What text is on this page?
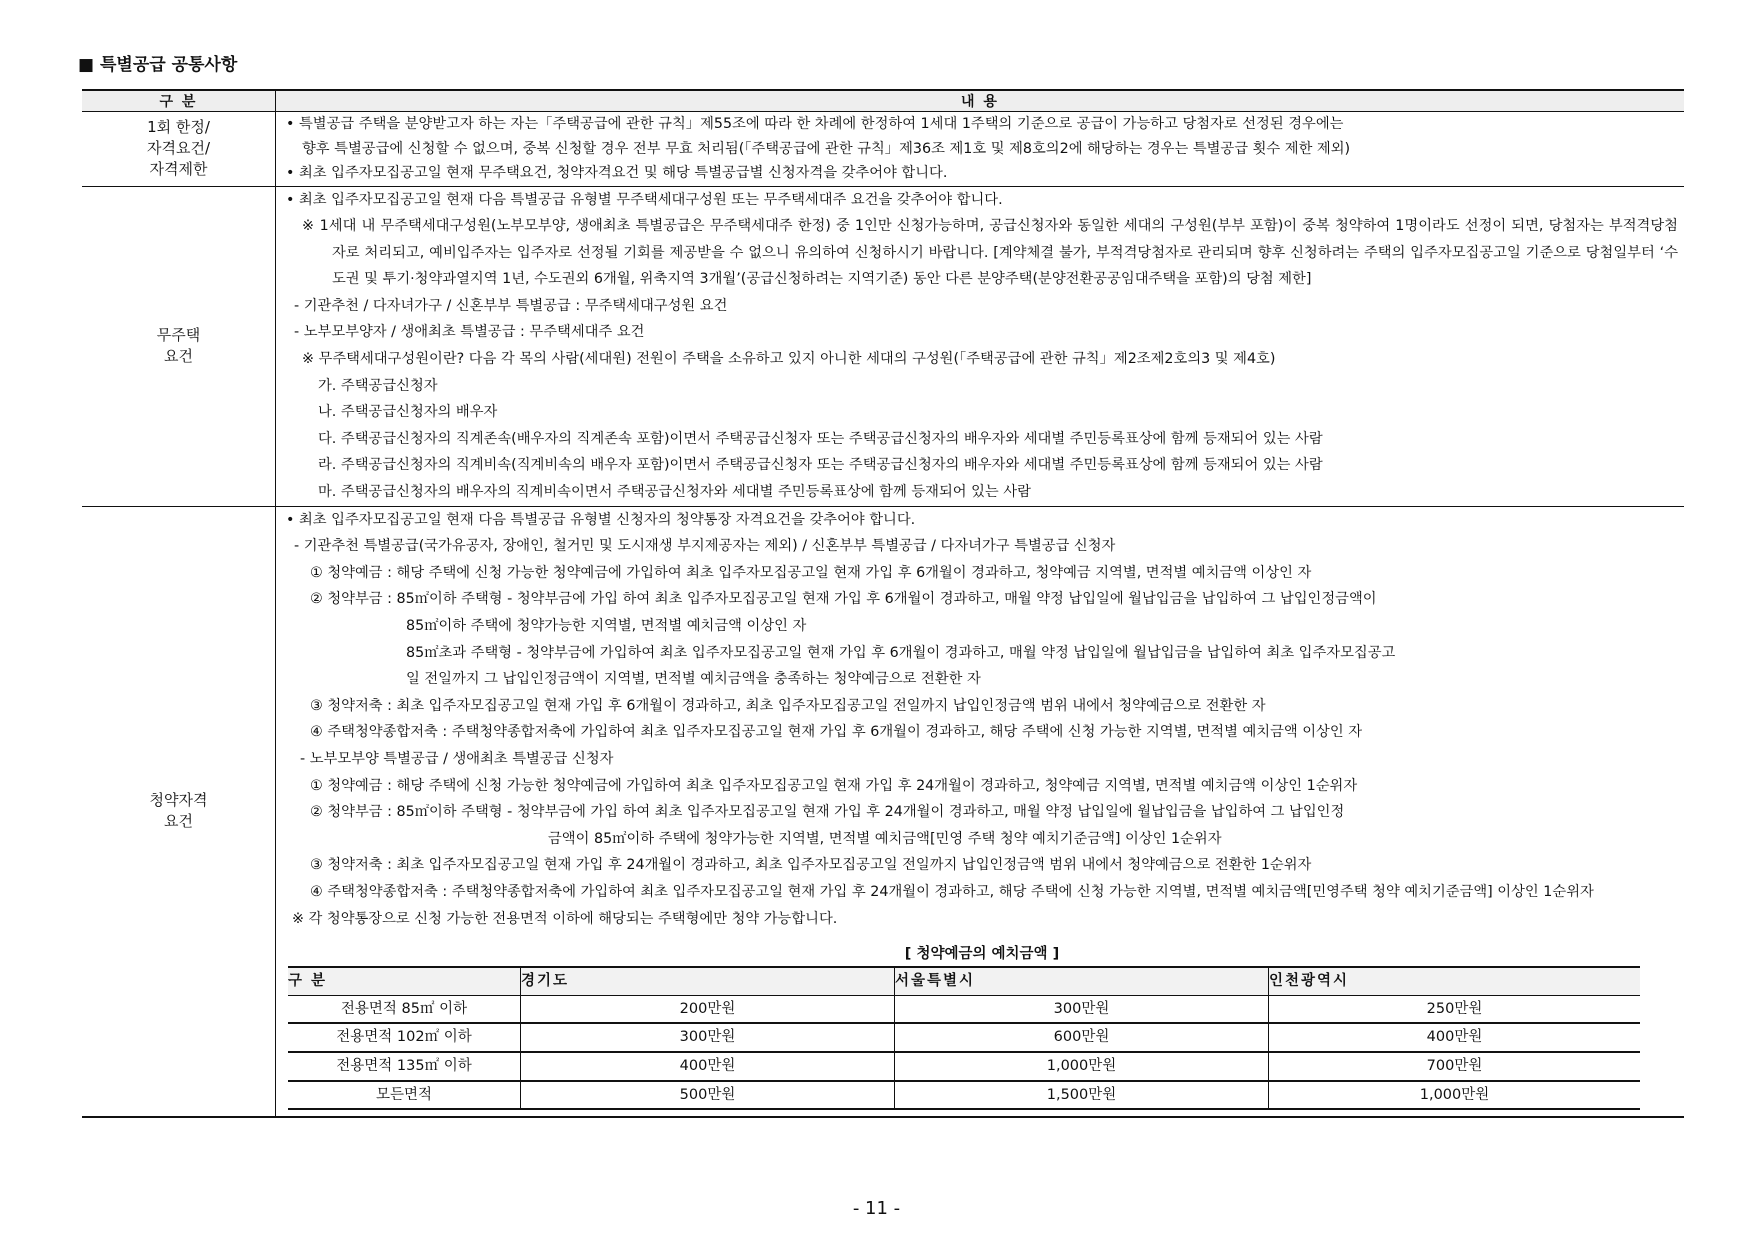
■ 특별공급 공통사항
구 분	내 용
1회 한정/
자격요건/
자격제한	
• 특별공급 주택을 분양받고자 하는 자는「주택공급에 관한 규칙」제55조에 따라 한 차례에 한정하여 1세대 1주택의 기준으로 공급이 가능하고 당첨자로 선정된 경우에는
향후 특별공급에 신청할 수 없으며, 중복 신청할 경우 전부 무효 처리됨(「주택공급에 관한 규칙」제36조 제1호 및 제8호의2에 해당하는 경우는 특별공급 횟수 제한 제외)
• 최초 입주자모집공고일 현재 무주택요건, 청약자격요건 및 해당 특별공급별 신청자격을 갖추어야 합니다.

무주택
요건	
• 최초 입주자모집공고일 현재 다음 특별공급 유형별 무주택세대구성원 또는 무주택세대주 요건을 갖추어야 합니다.
※ 1세대 내 무주택세대구성원(노부모부양, 생애최초 특별공급은 무주택세대주 한정) 중 1인만 신청가능하며, 공급신청자와 동일한 세대의 구성원(부부 포함)이 중복 청약하여 1명이라도 선정이 되면, 당첨자는 부적격당첨자로 처리되고, 예비입주자는 입주자로 선정될 기회를 제공받을 수 없으니 유의하여 신청하시기 바랍니다. [계약체결 불가, 부적격당첨자로 관리되며 향후 신청하려는 주택의 입주자모집공고일 기준으로 당첨일부터 ‘수도권 및 투기·청약과열지역 1년, 수도권외 6개월, 위축지역 3개월’(공급신청하려는 지역기준) 동안 다른 분양주택(분양전환공공임대주택을 포함)의 당첨 제한]
- 기관추천 / 다자녀가구 / 신혼부부 특별공급 : 무주택세대구성원 요건
- 노부모부양자 / 생애최초 특별공급 : 무주택세대주 요건
※ 무주택세대구성원이란? 다음 각 목의 사람(세대원) 전원이 주택을 소유하고 있지 아니한 세대의 구성원(「주택공급에 관한 규칙」제2조제2호의3 및 제4호)
가. 주택공급신청자
나. 주택공급신청자의 배우자
다. 주택공급신청자의 직계존속(배우자의 직계존속 포함)이면서 주택공급신청자 또는 주택공급신청자의 배우자와 세대별 주민등록표상에 함께 등재되어 있는 사람
라. 주택공급신청자의 직계비속(직계비속의 배우자 포함)이면서 주택공급신청자 또는 주택공급신청자의 배우자와 세대별 주민등록표상에 함께 등재되어 있는 사람
마. 주택공급신청자의 배우자의 직계비속이면서 주택공급신청자와 세대별 주민등록표상에 함께 등재되어 있는 사람

청약자격
요건	
• 최초 입주자모집공고일 현재 다음 특별공급 유형별 신청자의 청약통장 자격요건을 갖추어야 합니다.
- 기관추천 특별공급(국가유공자, 장애인, 철거민 및 도시재생 부지제공자는 제외) / 신혼부부 특별공급 / 다자녀가구 특별공급 신청자
① 청약예금 : 해당 주택에 신청 가능한 청약예금에 가입하여 최초 입주자모집공고일 현재 가입 후 6개월이 경과하고, 청약예금 지역별, 면적별 예치금액 이상인 자
② 청약부금 : 85㎡이하 주택형 - 청약부금에 가입 하여 최초 입주자모집공고일 현재 가입 후 6개월이 경과하고, 매월 약정 납입일에 월납입금을 납입하여 그 납입인정금액이
85㎡이하 주택에 청약가능한 지역별, 면적별 예치금액 이상인 자
85㎡초과 주택형 - 청약부금에 가입하여 최초 입주자모집공고일 현재 가입 후 6개월이 경과하고, 매월 약정 납입일에 월납입금을 납입하여 최초 입주자모집공고
일 전일까지 그 납입인정금액이 지역별, 면적별 예치금액을 충족하는 청약예금으로 전환한 자
③ 청약저축 : 최초 입주자모집공고일 현재 가입 후 6개월이 경과하고, 최초 입주자모집공고일 전일까지 납입인정금액 범위 내에서 청약예금으로 전환한 자
④ 주택청약종합저축 : 주택청약종합저축에 가입하여 최초 입주자모집공고일 현재 가입 후 6개월이 경과하고, 해당 주택에 신청 가능한 지역별, 면적별 예치금액 이상인 자
- 노부모부양 특별공급 / 생애최초 특별공급 신청자
① 청약예금 : 해당 주택에 신청 가능한 청약예금에 가입하여 최초 입주자모집공고일 현재 가입 후 24개월이 경과하고, 청약예금 지역별, 면적별 예치금액 이상인 1순위자
② 청약부금 : 85㎡이하 주택형 - 청약부금에 가입 하여 최초 입주자모집공고일 현재 가입 후 24개월이 경과하고, 매월 약정 납입일에 월납입금을 납입하여 그 납입인정
금액이 85㎡이하 주택에 청약가능한 지역별, 면적별 예치금액[민영 주택 청약 예치기준금액] 이상인 1순위자
③ 청약저축 : 최초 입주자모집공고일 현재 가입 후 24개월이 경과하고, 최초 입주자모집공고일 전일까지 납입인정금액 범위 내에서 청약예금으로 전환한 1순위자
④ 주택청약종합저축 : 주택청약종합저축에 가입하여 최초 입주자모집공고일 현재 가입 후 24개월이 경과하고, 해당 주택에 신청 가능한 지역별, 면적별 예치금액[민영주택 청약 예치기준금액] 이상인 1순위자
※ 각 청약통장으로 신청 가능한 전용면적 이하에 해당되는 주택형에만 청약 가능합니다.
[ 청약예금의 예치금액 ]
구 분	경기도	서울특별시	인천광역시
전용면적 85㎡ 이하	200만원	300만원	250만원
전용면적 102㎡ 이하	300만원	600만원	400만원
전용면적 135㎡ 이하	400만원	1,000만원	700만원
모든면적	500만원	1,500만원	1,000만원
- 11 -
